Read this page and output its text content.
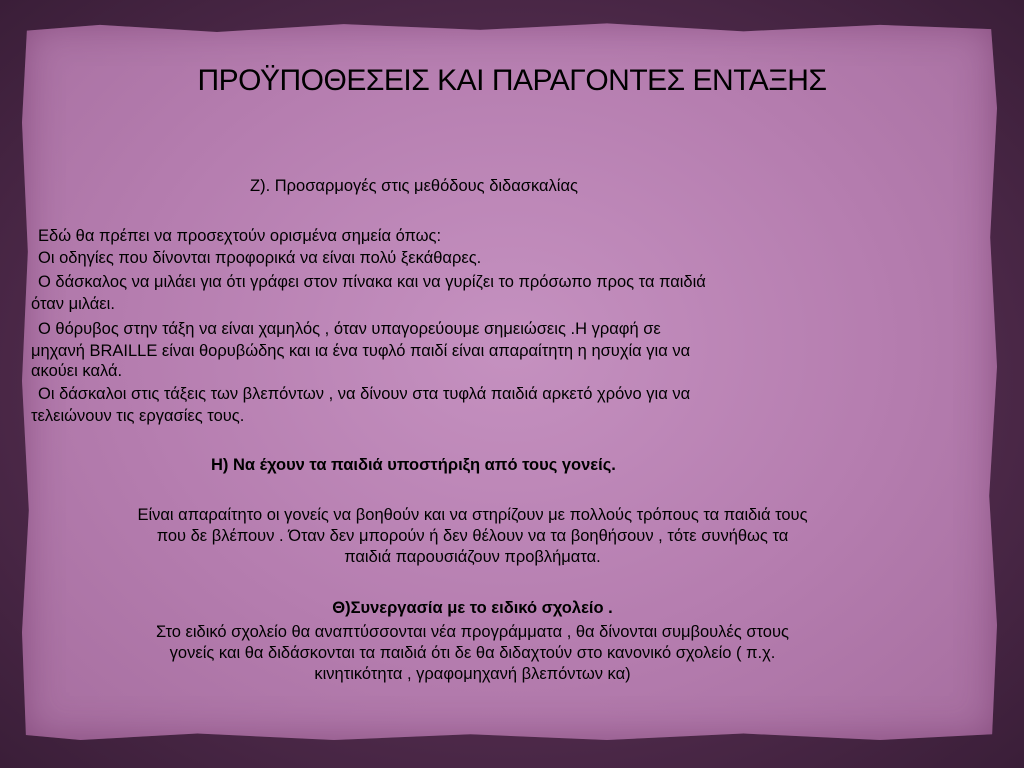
ΠΡΟΫΠΟΘΕΣΕΙΣ ΚΑΙ ΠΑΡΑΓΟΝΤΕΣ ΕΝΤΑΞΗΣ
Z). Προσαρμογές στις μεθόδους διδασκαλίας
Εδώ θα πρέπει να προσεχτούν ορισμένα σημεία όπως:
Οι οδηγίες που δίνονται προφορικά να είναι πολύ ξεκάθαρες.
Ο δάσκαλος να μιλάει για ότι γράφει στον πίνακα και να γυρίζει το πρόσωπο προς τα παιδιά
όταν μιλάει.
Ο θόρυβος στην τάξη να είναι χαμηλός , όταν υπαγορεύουμε σημειώσεις .Η γραφή σε
μηχανή BRAILLE είναι θορυβώδης και ια ένα τυφλό παιδί είναι απαραίτητη η ησυχία για να
ακούει καλά.
Οι δάσκαλοι στις τάξεις των βλεπόντων , να δίνουν στα τυφλά παιδιά αρκετό χρόνο για να
τελειώνουν τις εργασίες τους.
Η) Να έχουν τα παιδιά υποστήριξη από τους γονείς.
Είναι απαραίτητο οι γονείς να βοηθούν και να στηρίζουν με πολλούς τρόπους τα παιδιά τους
που δε βλέπουν . Όταν δεν μπορούν ή δεν θέλουν να τα βοηθήσουν , τότε συνήθως τα
παιδιά παρουσιάζουν προβλήματα.
Θ)Συνεργασία με το ειδικό σχολείο .
Στο ειδικό σχολείο θα αναπτύσσονται νέα προγράμματα , θα δίνονται συμβουλές στους
γονείς και θα διδάσκονται τα παιδιά ότι δε θα διδαχτούν στο κανονικό σχολείο ( π.χ.
κινητικότητα , γραφομηχανή βλεπόντων κα)
